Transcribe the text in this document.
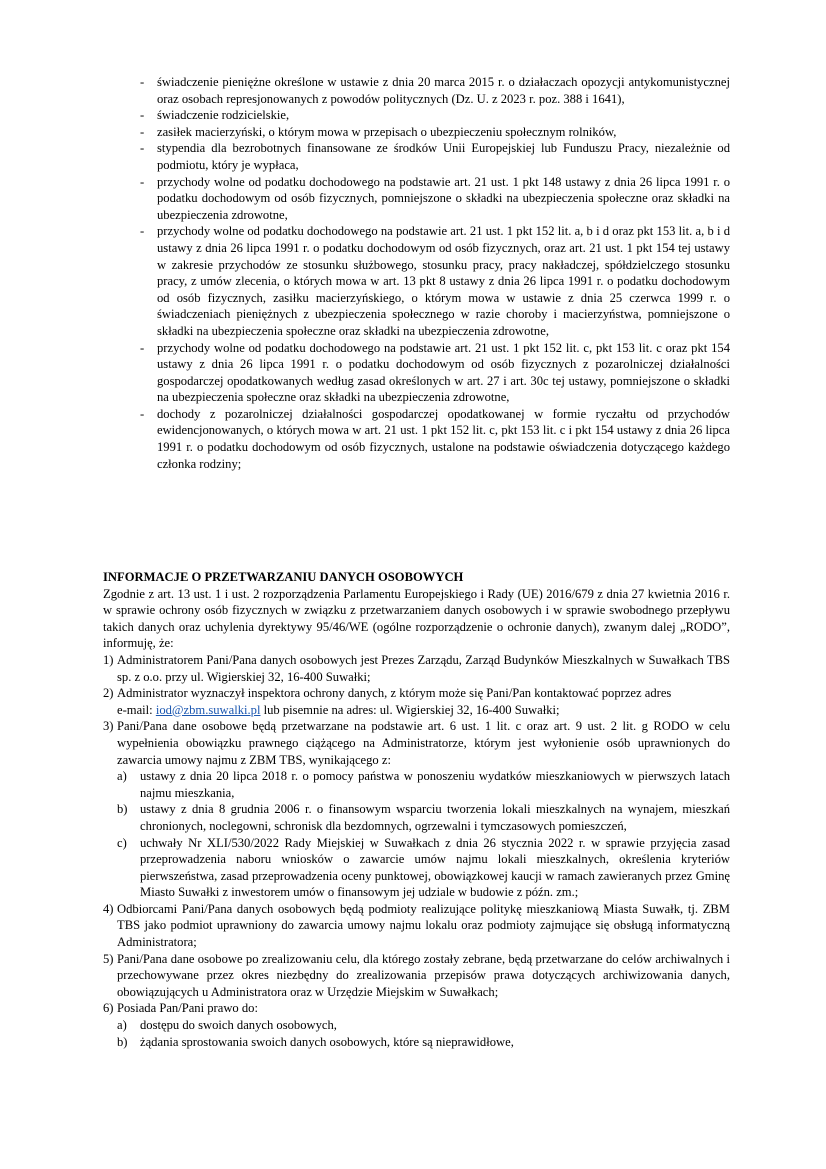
- świadczenie pieniężne określone w ustawie z dnia 20 marca 2015 r. o działaczach opozycji antykomunistycznej oraz osobach represjonowanych z powodów politycznych (Dz. U. z 2023 r. poz. 388 i 1641),
- świadczenie rodzicielskie,
- zasiłek macierzyński, o którym mowa w przepisach o ubezpieczeniu społecznym rolników,
- stypendia dla bezrobotnych finansowane ze środków Unii Europejskiej lub Funduszu Pracy, niezależnie od podmiotu, który je wypłaca,
- przychody wolne od podatku dochodowego na podstawie art. 21 ust. 1 pkt 148 ustawy z dnia 26 lipca 1991 r. o podatku dochodowym od osób fizycznych, pomniejszone o składki na ubezpieczenia społeczne oraz składki na ubezpieczenia zdrowotne,
- przychody wolne od podatku dochodowego na podstawie art. 21 ust. 1 pkt 152 lit. a, b i d oraz pkt 153 lit. a, b i d ustawy z dnia 26 lipca 1991 r. o podatku dochodowym od osób fizycznych, oraz art. 21 ust. 1 pkt 154 tej ustawy w zakresie przychodów ze stosunku służbowego, stosunku pracy, pracy nakładczej, spółdzielczego stosunku pracy, z umów zlecenia, o których mowa w art. 13 pkt 8 ustawy z dnia 26 lipca 1991 r. o podatku dochodowym od osób fizycznych, zasiłku macierzyńskiego, o którym mowa w ustawie z dnia 25 czerwca 1999 r. o świadczeniach pieniężnych z ubezpieczenia społecznego w razie choroby i macierzyństwa, pomniejszone o składki na ubezpieczenia społeczne oraz składki na ubezpieczenia zdrowotne,
- przychody wolne od podatku dochodowego na podstawie art. 21 ust. 1 pkt 152 lit. c, pkt 153 lit. c oraz pkt 154 ustawy z dnia 26 lipca 1991 r. o podatku dochodowym od osób fizycznych z pozarolniczej działalności gospodarczej opodatkowanych według zasad określonych w art. 27 i art. 30c tej ustawy, pomniejszone o składki na ubezpieczenia społeczne oraz składki na ubezpieczenia zdrowotne,
- dochody z pozarolniczej działalności gospodarczej opodatkowanej w formie ryczałtu od przychodów ewidencjonowanych, o których mowa w art. 21 ust. 1 pkt 152 lit. c, pkt 153 lit. c i pkt 154 ustawy z dnia 26 lipca 1991 r. o podatku dochodowym od osób fizycznych, ustalone na podstawie oświadczenia dotyczącego każdego członka rodziny;
INFORMACJE O PRZETWARZANIU DANYCH OSOBOWYCH
Zgodnie z art. 13 ust. 1 i ust. 2 rozporządzenia Parlamentu Europejskiego i Rady (UE) 2016/679 z dnia 27 kwietnia 2016 r. w sprawie ochrony osób fizycznych w związku z przetwarzaniem danych osobowych i w sprawie swobodnego przepływu takich danych oraz uchylenia dyrektywy 95/46/WE (ogólne rozporządzenie o ochronie danych), zwanym dalej „RODO”, informuję, że:
1) Administratorem Pani/Pana danych osobowych jest Prezes Zarządu, Zarząd Budynków Mieszkalnych w Suwałkach TBS sp. z o.o. przy ul. Wigierskiej 32, 16-400 Suwałki;
2) Administrator wyznaczył inspektora ochrony danych, z którym może się Pani/Pan kontaktować poprzez adres
e-mail: iod@zbm.suwalki.pl lub pisemnie na adres: ul. Wigierskiej 32, 16-400 Suwałki;
3) Pani/Pana dane osobowe będą przetwarzane na podstawie art. 6 ust. 1 lit. c oraz art. 9 ust. 2 lit. g RODO w celu wypełnienia obowiązku prawnego ciążącego na Administratorze, którym jest wyłonienie osób uprawnionych do zawarcia umowy najmu z ZBM TBS, wynikającego z:
a) ustawy z dnia 20 lipca 2018 r. o pomocy państwa w ponoszeniu wydatków mieszkaniowych w pierwszych latach najmu mieszkania,
b) ustawy z dnia 8 grudnia 2006 r. o finansowym wsparciu tworzenia lokali mieszkalnych na wynajem, mieszkań chronionych, noclegowni, schronisk dla bezdomnych, ogrzewalni i tymczasowych pomieszczeń,
c) uchwały Nr XLI/530/2022 Rady Miejskiej w Suwałkach z dnia 26 stycznia 2022 r. w sprawie przyjęcia zasad przeprowadzenia naboru wniosków o zawarcie umów najmu lokali mieszkalnych, określenia kryteriów pierwszeństwa, zasad przeprowadzenia oceny punktowej, obowiązkowej kaucji w ramach zawieranych przez Gminę Miasto Suwałki z inwestorem umów o finansowym jej udziale w budowie z późn. zm.;
4) Odbiorcami Pani/Pana danych osobowych będą podmioty realizujące politykę mieszkaniową Miasta Suwałk, tj. ZBM TBS jako podmiot uprawniony do zawarcia umowy najmu lokalu oraz podmioty zajmujące się obsługą informatyczną Administratora;
5) Pani/Pana dane osobowe po zrealizowaniu celu, dla którego zostały zebrane, będą przetwarzane do celów archiwalnych i przechowywane przez okres niezbędny do zrealizowania przepisów prawa dotyczących archiwizowania danych, obowiązujących u Administratora oraz w Urzędzie Miejskim w Suwałkach;
6) Posiada Pan/Pani prawo do:
a) dostępu do swoich danych osobowych,
b) żądania sprostowania swoich danych osobowych, które są nieprawidłowe,
